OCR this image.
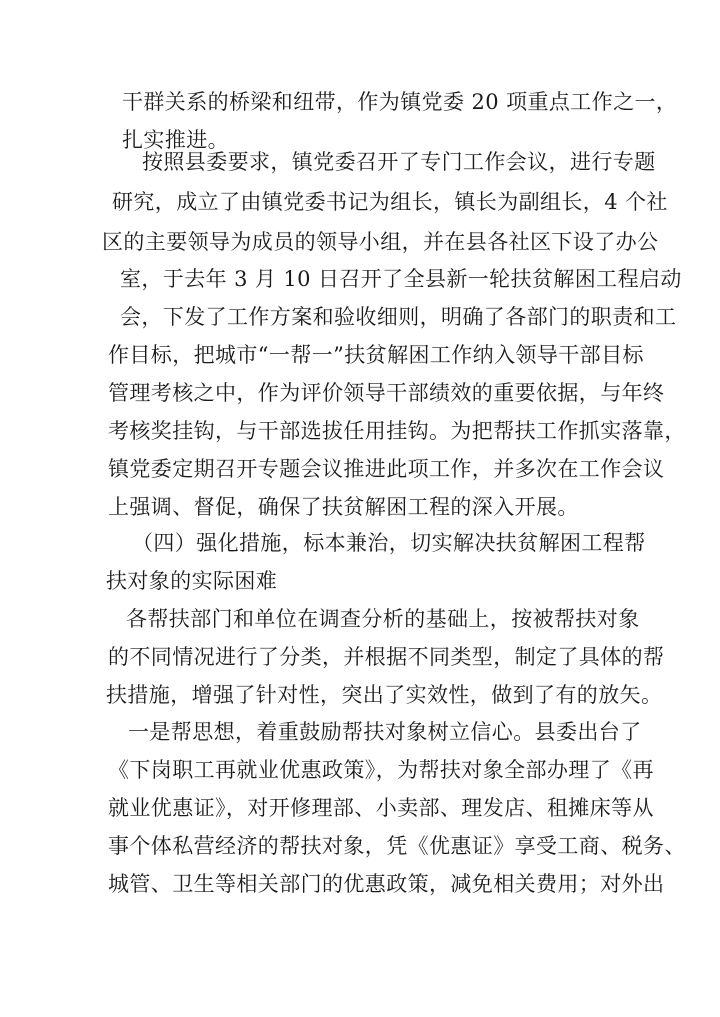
干群关系的桥梁和纽带，作为镇党委 20 项重点工作之一，
扎实推进。
按照县委要求，镇党委召开了专门工作会议，进行专题
研究，成立了由镇党委书记为组长，镇长为副组长，4 个社
区的主要领导为成员的领导小组，并在县各社区下设了办公
室，于去年 3 月 10 日召开了全县新一轮扶贫解困工程启动
会，下发了工作方案和验收细则，明确了各部门的职责和工
作目标，把城市“一帮一”扶贫解困工作纳入领导干部目标
管理考核之中，作为评价领导干部绩效的重要依据，与年终
考核奖挂钩，与干部选拔任用挂钩。为把帮扶工作抓实落靠，
镇党委定期召开专题会议推进此项工作，并多次在工作会议
上强调、督促，确保了扶贫解困工程的深入开展。
（四）强化措施，标本兼治，切实解决扶贫解困工程帮
扶对象的实际困难
各帮扶部门和单位在调查分析的基础上，按被帮扶对象
的不同情况进行了分类，并根据不同类型，制定了具体的帮
扶措施，增强了针对性，突出了实效性，做到了有的放矢。
一是帮思想，着重鼓励帮扶对象树立信心。县委出台了
《下岗职工再就业优惠政策》，为帮扶对象全部办理了《再
就业优惠证》，对开修理部、小卖部、理发店、租摊床等从
事个体私营经济的帮扶对象，凭《优惠证》享受工商、税务、
城管、卫生等相关部门的优惠政策，减免相关费用；对外出
